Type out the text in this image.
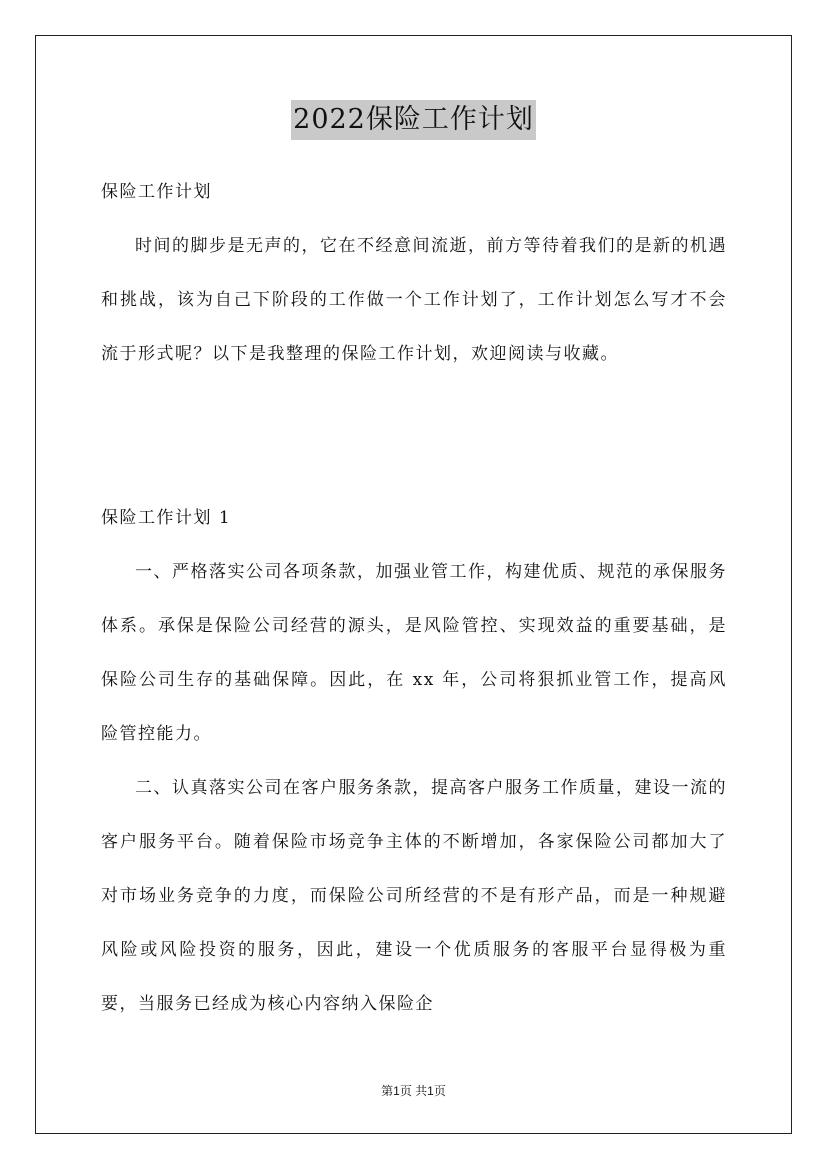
2022保险工作计划

保险工作计划

时间的脚步是无声的，它在不经意间流逝，前方等待着我们的是新的机遇和挑战，该为自己下阶段的工作做一个工作计划了，工作计划怎么写才不会流于形式呢？以下是我整理的保险工作计划，欢迎阅读与收藏。

保险工作计划 1

一、严格落实公司各项条款，加强业管工作，构建优质、规范的承保服务体系。承保是保险公司经营的源头，是风险管控、实现效益的重要基础，是保险公司生存的基础保障。因此，在 xx 年，公司将狠抓业管工作，提高风险管控能力。

二、认真落实公司在客户服务条款，提高客户服务工作质量，建设一流的客户服务平台。随着保险市场竞争主体的不断增加，各家保险公司都加大了对市场业务竞争的力度，而保险公司所经营的不是有形产品，而是一种规避风险或风险投资的服务，因此，建设一个优质服务的客服平台显得极为重要，当服务已经成为核心内容纳入保险企

第1页 共1页
